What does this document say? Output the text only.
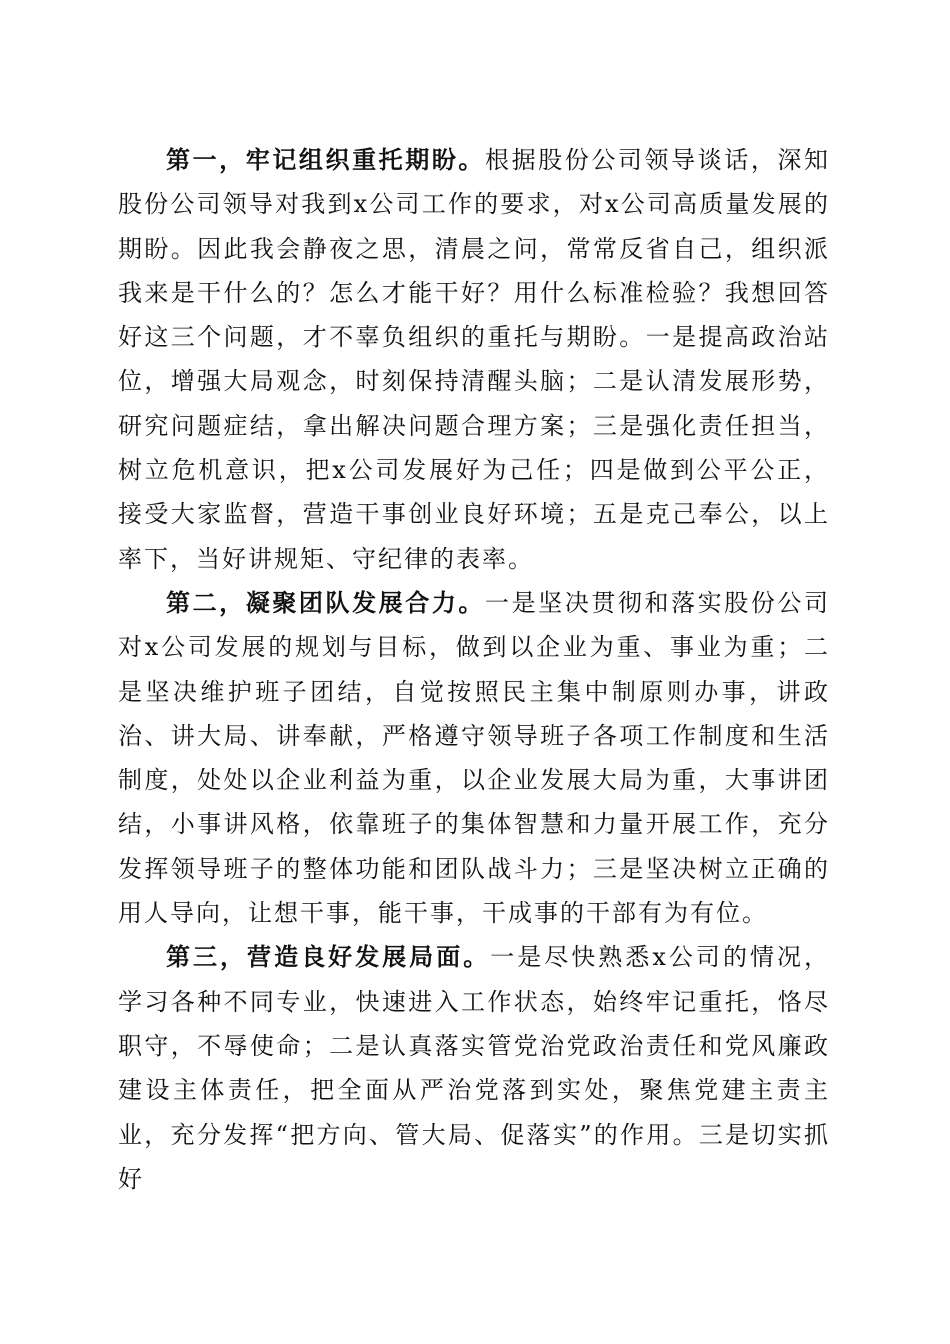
第一，牢记组织重托期盼。根据股份公司领导谈话，深知股份公司领导对我到x公司工作的要求，对x公司高质量发展的期盼。因此我会静夜之思，清晨之问，常常反省自己，组织派我来是干什么的？怎么才能干好？用什么标准检验？我想回答好这三个问题，才不辜负组织的重托与期盼。一是提高政治站位，增强大局观念，时刻保持清醒头脑；二是认清发展形势，研究问题症结，拿出解决问题合理方案；三是强化责任担当，树立危机意识，把x公司发展好为己任；四是做到公平公正，接受大家监督，营造干事创业良好环境；五是克己奉公，以上率下，当好讲规矩、守纪律的表率。

第二，凝聚团队发展合力。一是坚决贯彻和落实股份公司对x公司发展的规划与目标，做到以企业为重、事业为重；二是坚决维护班子团结，自觉按照民主集中制原则办事，讲政治、讲大局、讲奉献，严格遵守领导班子各项工作制度和生活制度，处处以企业利益为重，以企业发展大局为重，大事讲团结，小事讲风格，依靠班子的集体智慧和力量开展工作，充分发挥领导班子的整体功能和团队战斗力；三是坚决树立正确的用人导向，让想干事，能干事，干成事的干部有为有位。

第三，营造良好发展局面。一是尽快熟悉x公司的情况，学习各种不同专业，快速进入工作状态，始终牢记重托，恪尽职守，不辱使命；二是认真落实管党治党政治责任和党风廉政建设主体责任，把全面从严治党落到实处，聚焦党建主责主业，充分发挥“把方向、管大局、促落实”的作用。三是切实抓好
